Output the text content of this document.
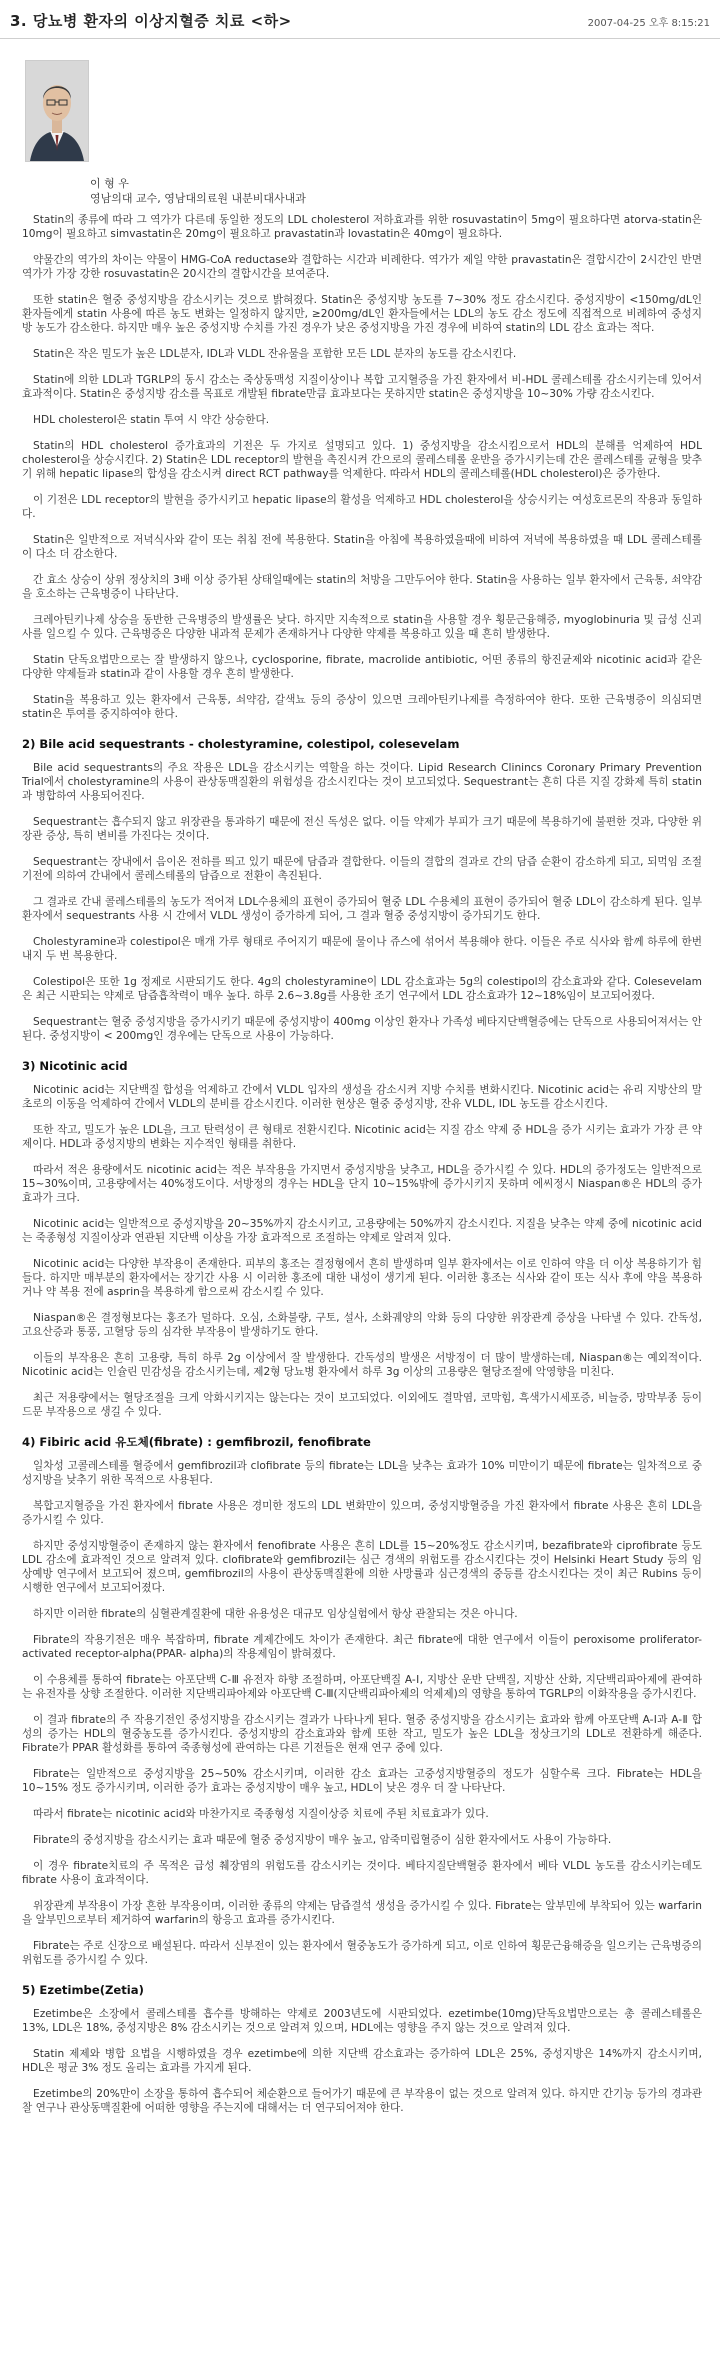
3. 당뇨병 환자의 이상지혈증 치료 <하>	2007-04-25 오후 8:15:21
이 형 우
영남의대 교수, 영남대의료원 내분비대사내과

Statin의 종류에 따라 그 역가가 다른데 동일한 정도의 LDL cholesterol 저하효과를 위한 rosuvastatin이 5mg이 필요하다면 atorva-statin은 10mg이 필요하고 simvastatin은 20mg이 필요하고 pravastatin과 lovastatin은 40mg이 필요하다.

약물간의 역가의 차이는 약물이 HMG-CoA reductase와 결합하는 시간과 비례한다. 역가가 제일 약한 pravastatin은 결합시간이 2시간인 반면 역가가 가장 강한 rosuvastatin은 20시간의 결합시간을 보여준다.

또한 statin은 혈중 중성지방을 감소시키는 것으로 밝혀졌다. Statin은 중성지방 농도를 7~30% 정도 감소시킨다. 중성지방이 <150mg/dL인 환자들에게 statin 사용에 따른 농도 변화는 일정하지 않지만, ≥200mg/dL인 환자들에서는 LDL의 농도 감소 정도에 직접적으로 비례하여 중성지방 농도가 감소한다. 하지만 매우 높은 중성지방 수치를 가진 경우가 낮은 중성지방을 가진 경우에 비하여 statin의 LDL 감소 효과는 적다.

Statin은 작은 밀도가 높은 LDL분자, IDL과 VLDL 잔유물을 포함한 모든 LDL 분자의 농도를 감소시킨다.

Statin에 의한 LDL과 TGRLP의 동시 감소는 죽상동맥성 지질이상이나 복합 고지혈증을 가진 환자에서 비-HDL 콜레스테롤 감소시키는데 있어서 효과적이다. Statin은 중성지방 감소를 목표로 개발된 fibrate만큼 효과보다는 못하지만 statin은 중성지방을 10~30% 가량 감소시킨다.

HDL cholesterol은 statin 투여 시 약간 상승한다.

Statin의 HDL cholesterol 증가효과의 기전은 두 가지로 설명되고 있다. 1) 중성지방을 감소시킴으로서 HDL의 분해를 억제하여 HDL cholesterol을 상승시킨다. 2) Statin은 LDL receptor의 발현을 촉진시켜 간으로의 콜레스테롤 운반을 증가시키는데 간은 콜레스테롤 균형을 맞추기 위해 hepatic lipase의 합성을 감소시켜 direct RCT pathway를 억제한다. 따라서 HDL의 콜레스테롤(HDL cholesterol)은 증가한다.

이 기전은 LDL receptor의 발현을 증가시키고 hepatic lipase의 활성을 억제하고 HDL cholesterol을 상승시키는 여성호르몬의 작용과 동일하다.

Statin은 일반적으로 저녁식사와 같이 또는 취침 전에 복용한다. Statin을 아침에 복용하였을때에 비하여 저녁에 복용하였을 때 LDL 콜레스테롤이 다소 더 감소한다.

간 효소 상승이 상위 정상치의 3배 이상 증가된 상태일때에는 statin의 처방을 그만두어야 한다. Statin을 사용하는 일부 환자에서 근육통, 쇠약감을 호소하는 근육병증이 나타난다.

크레아틴키나제 상승을 동반한 근육병증의 발생률은 낮다. 하지만 지속적으로 statin을 사용할 경우 횡문근융해증, myoglobinuria 및 급성 신괴사를 일으킬 수 있다. 근육병증은 다양한 내과적 문제가 존재하거나 다양한 약제를 복용하고 있을 때 흔히 발생한다.

Statin 단독요법만으로는 잘 발생하지 않으나, cyclosporine, fibrate, macrolide antibiotic, 어떤 종류의 항진균제와 nicotinic acid과 같은 다양한 약제들과 statin과 같이 사용할 경우 흔히 발생한다.

Statin을 복용하고 있는 환자에서 근육통, 쇠약감, 갈색뇨 등의 증상이 있으면 크레아틴키나제를 측정하여야 한다. 또한 근육병증이 의심되면 statin은 투여를 중지하여야 한다.

2) Bile acid sequestrants - cholestyramine, colestipol, colesevelam

Bile acid sequestrants의 주요 작용은 LDL을 감소시키는 역할을 하는 것이다. Lipid Research Clinincs Coronary Primary Prevention Trial에서 cholestyramine의 사용이 관상동맥질환의 위험성을 감소시킨다는 것이 보고되었다. Sequestrant는 흔히 다른 지질 강화제 특히 statin과 병합하여 사용되어진다.

Sequestrant는 흡수되지 않고 위장관을 통과하기 때문에 전신 독성은 없다. 이들 약제가 부피가 크기 때문에 복용하기에 불편한 것과, 다양한 위장관 증상, 특히 변비를 가진다는 것이다.

Sequestrant는 장내에서 음이온 전하를 띄고 있기 때문에 담즙과 결합한다. 이들의 결합의 결과로 간의 담즙 순환이 감소하게 되고, 되먹임 조절 기전에 의하여 간내에서 콜레스테롤의 담즙으로 전환이 촉진된다.

그 결과로 간내 콜레스테롤의 농도가 적어져 LDL수용체의 표현이 증가되어 혈중 LDL 수용체의 표현이 증가되어 혈중 LDL이 감소하게 된다. 일부 환자에서 sequestrants 사용 시 간에서 VLDL 생성이 증가하게 되어, 그 결과 혈중 중성지방이 증가되기도 한다.

Cholestyramine과 colestipol은 매개 가루 형태로 주어지기 때문에 물이나 쥬스에 섞어서 복용해야 한다. 이들은 주로 식사와 함께 하루에 한번 내지 두 번 복용한다.

Colestipol은 또한 1g 정제로 시판되기도 한다. 4g의 cholestyramine이 LDL 감소효과는 5g의 colestipol의 감소효과와 같다. Colesevelam은 최근 시판되는 약제로 담즙흡착력이 매우 높다. 하루 2.6~3.8g를 사용한 조기 연구에서 LDL 감소효과가 12~18%임이 보고되어졌다.

Sequestrant는 혈중 중성지방을 증가시키기 때문에 중성지방이 400mg 이상인 환자나 가족성 베타지단백혈증에는 단독으로 사용되어져서는 안된다. 중성지방이 < 200mg인 경우에는 단독으로 사용이 가능하다.

3) Nicotinic acid

Nicotinic acid는 지단백질 합성을 억제하고 간에서 VLDL 입자의 생성을 감소시켜 지방 수치를 변화시킨다. Nicotinic acid는 유리 지방산의 말초로의 이동을 억제하여 간에서 VLDL의 분비를 감소시킨다. 이러한 현상은 혈중 중성지방, 잔유 VLDL, IDL 농도를 감소시킨다.

또한 작고, 밀도가 높은 LDL을, 크고 탄력성이 큰 형태로 전환시킨다. Nicotinic acid는 지질 감소 약제 중 HDL을 증가 시키는 효과가 가장 큰 약제이다. HDL과 중성지방의 변화는 지수적인 형태를 취한다.

따라서 적은 용량에서도 nicotinic acid는 적은 부작용을 가지면서 중성지방을 낮추고, HDL을 증가시킬 수 있다. HDL의 증가정도는 일반적으로 15~30%이며, 고용량에서는 40%정도이다. 서방정의 경우는 HDL을 단지 10~15%밖에 증가시키지 못하며 에씨정시 Niaspan®은 HDL의 증가 효과가 크다.

Nicotinic acid는 일반적으로 중성지방을 20~35%까지 감소시키고, 고용량에는 50%까지 감소시킨다. 지질을 낮추는 약제 중에 nicotinic acid는 죽종형성 지질이상과 연관된 지단백 이상을 가장 효과적으로 조절하는 약제로 알려져 있다.

Nicotinic acid는 다양한 부작용이 존재한다. 피부의 홍조는 결정형에서 흔히 발생하며 일부 환자에서는 이로 인하여 약을 더 이상 복용하기가 힘들다. 하지만 매부분의 환자에서는 장기간 사용 시 이러한 홍조에 대한 내성이 생기게 된다. 이러한 홍조는 식사와 같이 또는 식사 후에 약을 복용하거나 약 복용 전에 asprin을 복용하게 함으로써 감소시킬 수 있다.

Niaspan®은 결정형보다는 홍조가 덜하다. 오심, 소화불량, 구토, 설사, 소화궤양의 악화 등의 다양한 위장관계 증상을 나타낼 수 있다. 간독성, 고요산증과 통풍, 고혈당 등의 심각한 부작용이 발생하기도 한다.

이들의 부작용은 흔히 고용량, 특히 하루 2g 이상에서 잘 발생한다. 간독성의 발생은 서방정이 더 많이 발생하는데, Niaspan®는 예외적이다. Nicotinic acid는 인슐린 민감성을 감소시키는데, 제2형 당뇨병 환자에서 하루 3g 이상의 고용량은 혈당조절에 악영향을 미친다.

최근 저용량에서는 혈당조절을 크게 악화시키지는 않는다는 것이 보고되었다. 이외에도 결막염, 코막힘, 흑색가시세포증, 비늘증, 망막부종 등이 드문 부작용으로 생길 수 있다.

4) Fibiric acid 유도체(fibrate) : gemfibrozil, fenofibrate

일차성 고콜레스테롤 혈증에서 gemfibrozil과 clofibrate 등의 fibrate는 LDL을 낮추는 효과가 10% 미만이기 때문에 fibrate는 일차적으로 중성지방을 낮추기 위한 목적으로 사용된다.

복합고지혈증을 가진 환자에서 fibrate 사용은 경미한 정도의 LDL 변화만이 있으며, 중성지방혈증을 가진 환자에서 fibrate 사용은 흔히 LDL을 증가시킬 수 있다.

하지만 중성지방혈증이 존재하지 않는 환자에서 fenofibrate 사용은 흔히 LDL를 15~20%정도 감소시키며, bezafibrate와 ciprofibrate 등도 LDL 감소에 효과적인 것으로 알려져 있다. clofibrate와 gemfibrozil는 심근 경색의 위험도를 감소시킨다는 것이 Helsinki Heart Study 등의 임상예방 연구에서 보고되어 졌으며, gemfibrozil의 사용이 관상동맥질환에 의한 사망률과 심근경색의 중등를 감소시킨다는 것이 최근 Rubins 등이 시행한 연구에서 보고되어졌다.

하지만 이러한 fibrate의 심혈관계질환에 대한 유용성은 대규모 임상실험에서 항상 관찰되는 것은 아니다.

Fibrate의 작용기전은 매우 복잡하며, fibrate 계제간에도 차이가 존재한다. 최근 fibrate에 대한 연구에서 이들이 peroxisome proliferator-activated receptor-alpha(PPAR- alpha)의 작용제임이 밝혀졌다.

이 수용체를 통하여 fibrate는 아포단백 C-Ⅲ 유전자 하향 조절하며, 아포단백질 A-Ⅰ, 지방산 운반 단백질, 지방산 산화, 지단백리파아제에 관여하는 유전자를 상향 조절한다. 이러한 지단백리파아제와 아포단백 C-Ⅲ(지단백리파아제의 억제제)의 영향을 통하여 TGRLP의 이화작용을 증가시킨다.

이 결과 fibrate의 주 작용기전인 중성지방을 감소시키는 결과가 나타나게 된다. 혈중 중성지방을 감소시키는 효과와 함께 아포단백 A-Ⅰ과 A-Ⅱ 합성의 증가는 HDL의 혈중농도를 증가시킨다. 중성지방의 감소효과와 함께 또한 작고, 밀도가 높은 LDL을 정상크기의 LDL로 전환하게 해준다. Fibrate가 PPAR 활성화를 통하여 죽종형성에 관여하는 다른 기전들은 현재 연구 중에 있다.

Fibrate는 일반적으로 중성지방을 25~50% 감소시키며, 이러한 감소 효과는 고중성지방혈증의 정도가 심할수록 크다. Fibrate는 HDL을 10~15% 정도 증가시키며, 이러한 증가 효과는 중성지방이 매우 높고, HDL이 낮은 경우 더 잘 나타난다.

따라서 fibrate는 nicotinic acid와 마찬가지로 죽종형성 지질이상증 치료에 주된 치료효과가 있다.

Fibrate의 중성지방을 감소시키는 효과 때문에 혈중 중성지방이 매우 높고, 암죽미립혈증이 심한 환자에서도 사용이 가능하다.

이 경우 fibrate치료의 주 목적은 급성 췌장염의 위험도를 감소시키는 것이다. 베타지질단백혈증 환자에서 베타 VLDL 농도를 감소시키는데도 fibrate 사용이 효과적이다.

위장관계 부작용이 가장 흔한 부작용이며, 이러한 종류의 약제는 담즙결석 생성을 증가시킬 수 있다. Fibrate는 알부민에 부착되어 있는 warfarin을 알부민으로부터 제거하여 warfarin의 항응고 효과를 증가시킨다.

Fibrate는 주로 신장으로 배설된다. 따라서 신부전이 있는 환자에서 혈중농도가 증가하게 되고, 이로 인하여 횡문근융해증을 일으키는 근육병증의 위험도를 증가시킬 수 있다.

5) Ezetimbe(Zetia)

Ezetimbe은 소장에서 콜레스테롤 흡수를 방해하는 약제로 2003년도에 시판되었다. ezetimbe(10mg)단독요법만으로는 총 콜레스테롤은 13%, LDL은 18%, 중성지방은 8% 감소시키는 것으로 알려져 있으며, HDL에는 영향을 주지 않는 것으로 알려져 있다.

Statin 제제와 병합 요법을 시행하였을 경우 ezetimbe에 의한 지단백 감소효과는 증가하여 LDL은 25%, 중성지방은 14%까지 감소시키며, HDL은 평균 3% 정도 올리는 효과를 가지게 된다.

Ezetimbe의 20%만이 소장을 통하여 흡수되어 체순환으로 들어가기 때문에 큰 부작용이 없는 것으로 알려져 있다. 하지만 간기능 등가의 경과관찰 연구나 관상동맥질환에 어떠한 영향을 주는지에 대해서는 더 연구되어져야 한다.
